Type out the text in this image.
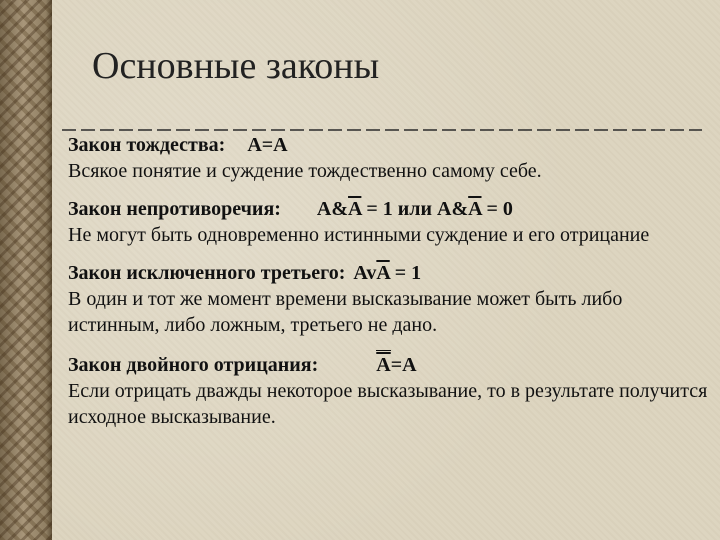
Основные законы

Закон тождества: A=A
Всякое понятие и суждение тождественно самому себе.

Закон непротиворечия: $A\&\overline{A} = 1$ или $A\&\overline{A} = 0$
Не могут быть одновременно истинными суждение и его отрицание

Закон исключенного третьего: $Av\overline{A} = 1$
В один и тот же момент времени высказывание может быть либо истинным, либо ложным, третьего не дано.

Закон двойного отрицания:	$\overline{A}=A$
Если отрицать дважды некоторое высказывание, то в результате получится исходное высказывание.
